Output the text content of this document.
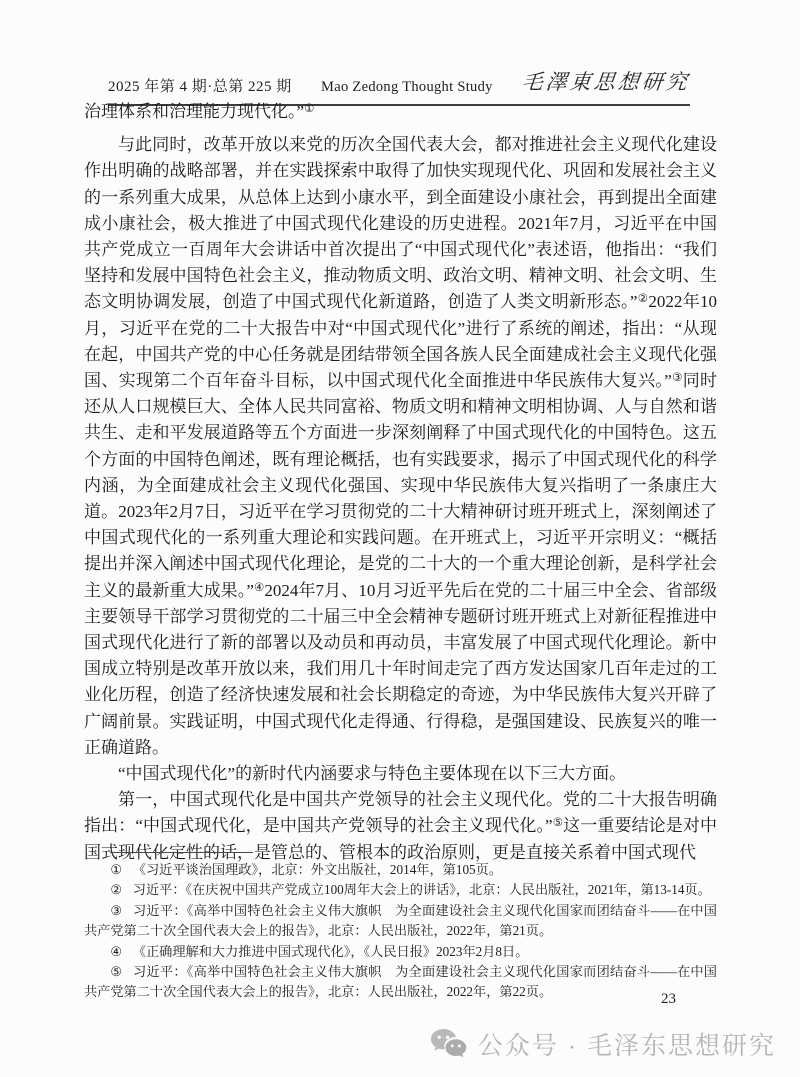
2025 年第 4 期·总第 225 期 Mao Zedong Thought Study 毛澤東思想研究

治理体系和治理能力现代化。”①

与此同时，改革开放以来党的历次全国代表大会，都对推进社会主义现代化建设作出明确的战略部署，并在实践探索中取得了加快实现现代化、巩固和发展社会主义的一系列重大成果，从总体上达到小康水平，到全面建设小康社会，再到提出全面建成小康社会，极大推进了中国式现代化建设的历史进程。2021年7月，习近平在中国共产党成立一百周年大会讲话中首次提出了“中国式现代化”表述语，他指出：“我们坚持和发展中国特色社会主义，推动物质文明、政治文明、精神文明、社会文明、生态文明协调发展，创造了中国式现代化新道路，创造了人类文明新形态。”②2022年10月，习近平在党的二十大报告中对“中国式现代化”进行了系统的阐述，指出：“从现在起，中国共产党的中心任务就是团结带领全国各族人民全面建成社会主义现代化强国、实现第二个百年奋斗目标，以中国式现代化全面推进中华民族伟大复兴。”③同时还从人口规模巨大、全体人民共同富裕、物质文明和精神文明相协调、人与自然和谐共生、走和平发展道路等五个方面进一步深刻阐释了中国式现代化的中国特色。这五个方面的中国特色阐述，既有理论概括，也有实践要求，揭示了中国式现代化的科学内涵，为全面建成社会主义现代化强国、实现中华民族伟大复兴指明了一条康庄大道。2023年2月7日，习近平在学习贯彻党的二十大精神研讨班开班式上，深刻阐述了中国式现代化的一系列重大理论和实践问题。在开班式上，习近平开宗明义：“概括提出并深入阐述中国式现代化理论，是党的二十大的一个重大理论创新，是科学社会主义的最新重大成果。”④2024年7月、10月习近平先后在党的二十届三中全会、省部级主要领导干部学习贯彻党的二十届三中全会精神专题研讨班开班式上对新征程推进中国式现代化进行了新的部署以及动员和再动员，丰富发展了中国式现代化理论。新中国成立特别是改革开放以来，我们用几十年时间走完了西方发达国家几百年走过的工业化历程，创造了经济快速发展和社会长期稳定的奇迹，为中华民族伟大复兴开辟了广阔前景。实践证明，中国式现代化走得通、行得稳，是强国建设、民族复兴的唯一正确道路。

“中国式现代化”的新时代内涵要求与特色主要体现在以下三大方面。

第一，中国式现代化是中国共产党领导的社会主义现代化。党的二十大报告明确指出：“中国式现代化，是中国共产党领导的社会主义现代化。”⑤这一重要结论是对中国式现代化定性的话，是管总的、管根本的政治原则，更是直接关系着中国式现代

① 《习近平谈治国理政》，北京：外文出版社，2014年，第105页。

② 习近平：《在庆祝中国共产党成立100周年大会上的讲话》，北京：人民出版社，2021年，第13-14页。

③ 习近平：《高举中国特色社会主义伟大旗帜　为全面建设社会主义现代化国家而团结奋斗——在中国共产党第二十次全国代表大会上的报告》，北京：人民出版社，2022年，第21页。

④ 《正确理解和大力推进中国式现代化》，《人民日报》2023年2月8日。

⑤ 习近平：《高举中国特色社会主义伟大旗帜　为全面建设社会主义现代化国家而团结奋斗——在中国共产党第二十次全国代表大会上的报告》，北京：人民出版社，2022年，第22页。	23
公众号 · 毛泽东思想研究
